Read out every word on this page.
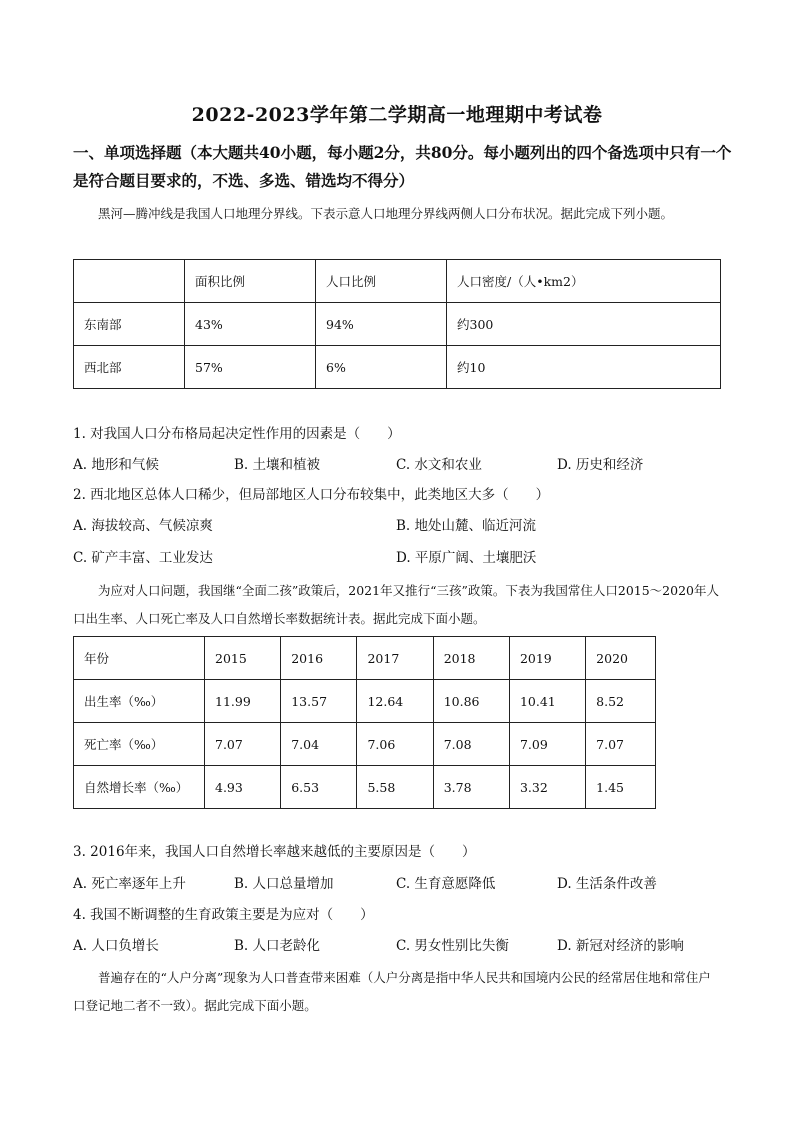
2022-2023学年第二学期高一地理期中考试卷
一、单项选择题（本大题共40小题，每小题2分，共80分。每小题列出的四个备选项中只有一个是符合题目要求的，不选、多选、错选均不得分）
黑河—腾冲线是我国人口地理分界线。下表示意人口地理分界线两侧人口分布状况。据此完成下列小题。
	面积比例	人口比例	人口密度/（人•km2）
东南部	43%	94%	约300
西北部	57%	6%	约10
1. 对我国人口分布格局起决定性作用的因素是（　　）
A. 地形和气候	B. 土壤和植被	C. 水文和农业	D. 历史和经济
2. 西北地区总体人口稀少，但局部地区人口分布较集中，此类地区大多（　　）
A. 海拔较高、气候凉爽	B. 地处山麓、临近河流
C. 矿产丰富、工业发达	D. 平原广阔、土壤肥沃
为应对人口问题，我国继“全面二孩”政策后，2021年又推行“三孩”政策。下表为我国常住人口2015～2020年人口出生率、人口死亡率及人口自然增长率数据统计表。据此完成下面小题。
年份	2015	2016	2017	2018	2019	2020
出生率（‰）	11.99	13.57	12.64	10.86	10.41	8.52
死亡率（‰）	7.07	7.04	7.06	7.08	7.09	7.07
自然增长率（‰）	4.93	6.53	5.58	3.78	3.32	1.45
3. 2016年来，我国人口自然增长率越来越低的主要原因是（　　）
A. 死亡率逐年上升	B. 人口总量增加	C. 生育意愿降低	D. 生活条件改善
4. 我国不断调整的生育政策主要是为应对（　　）
A. 人口负增长	B. 人口老龄化	C. 男女性别比失衡	D. 新冠对经济的影响
普遍存在的“人户分离”现象为人口普查带来困难（人户分离是指中华人民共和国境内公民的经常居住地和常住户口登记地二者不一致）。据此完成下面小题。
